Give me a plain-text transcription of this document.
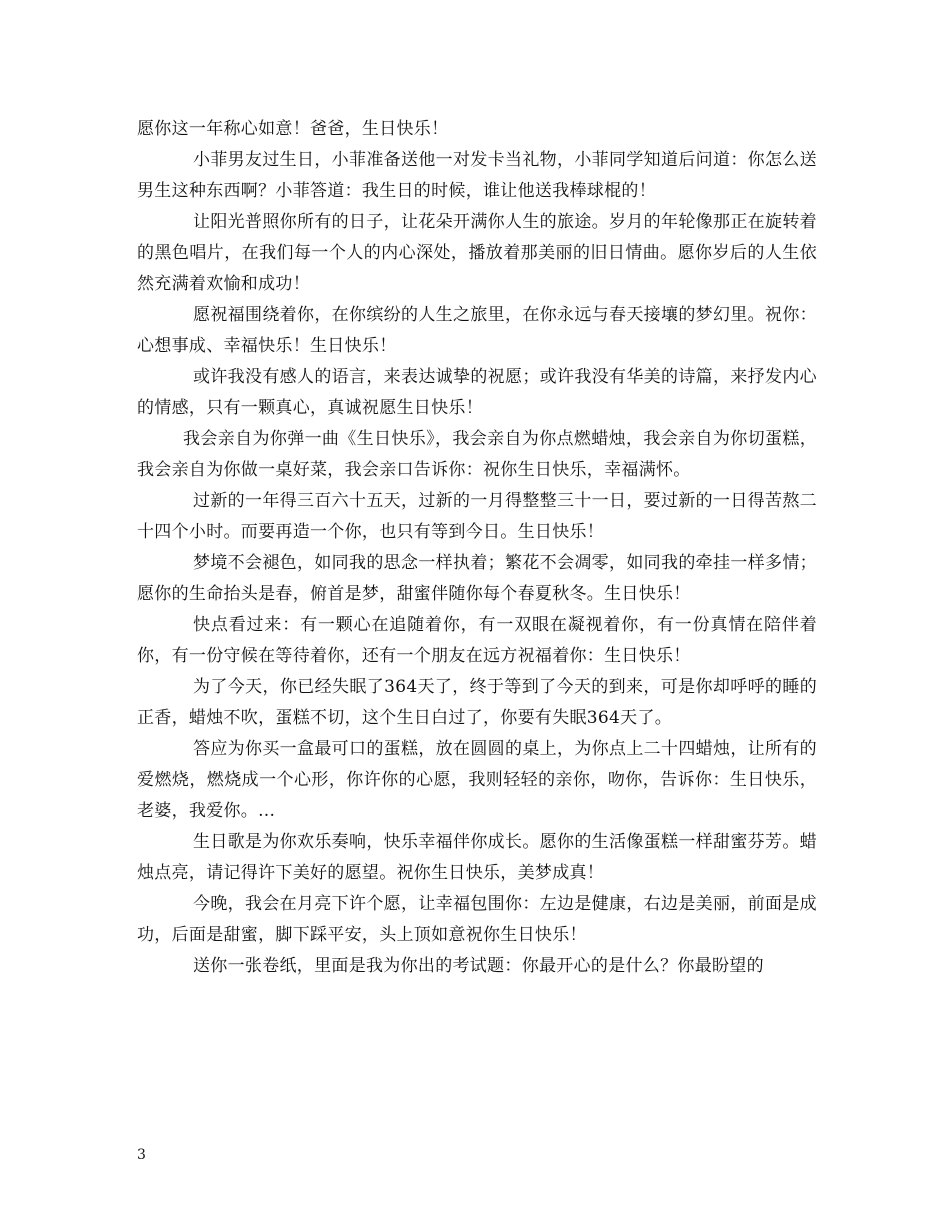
愿你这一年称心如意！爸爸，生日快乐！

小菲男友过生日，小菲准备送他一对发卡当礼物，小菲同学知道后问道：你怎么送男生这种东西啊？小菲答道：我生日的时候，谁让他送我棒球棍的！

让阳光普照你所有的日子，让花朵开满你人生的旅途。岁月的年轮像那正在旋转着的黑色唱片，在我们每一个人的内心深处，播放着那美丽的旧日情曲。愿你岁后的人生依然充满着欢愉和成功！

愿祝福围绕着你，在你缤纷的人生之旅里，在你永远与春天接壤的梦幻里。祝你：心想事成、幸福快乐！生日快乐！

或许我没有感人的语言，来表达诚挚的祝愿；或许我没有华美的诗篇，来抒发内心的情感，只有一颗真心，真诚祝愿生日快乐！

我会亲自为你弹一曲《生日快乐》，我会亲自为你点燃蜡烛，我会亲自为你切蛋糕，我会亲自为你做一桌好菜，我会亲口告诉你：祝你生日快乐，幸福满怀。

过新的一年得三百六十五天，过新的一月得整整三十一日，要过新的一日得苦熬二十四个小时。而要再造一个你，也只有等到今日。生日快乐！

梦境不会褪色，如同我的思念一样执着；繁花不会凋零，如同我的牵挂一样多情；愿你的生命抬头是春，俯首是梦，甜蜜伴随你每个春夏秋冬。生日快乐！

快点看过来：有一颗心在追随着你，有一双眼在凝视着你，有一份真情在陪伴着你，有一份守候在等待着你，还有一个朋友在远方祝福着你：生日快乐！

为了今天，你已经失眠了364天了，终于等到了今天的到来，可是你却呼呼的睡的正香，蜡烛不吹，蛋糕不切，这个生日白过了，你要有失眠364天了。

答应为你买一盒最可口的蛋糕，放在圆圆的桌上，为你点上二十四蜡烛，让所有的爱燃烧，燃烧成一个心形，你许你的心愿，我则轻轻的亲你，吻你，告诉你：生日快乐，老婆，我爱你。...

生日歌是为你欢乐奏响，快乐幸福伴你成长。愿你的生活像蛋糕一样甜蜜芬芳。蜡烛点亮，请记得许下美好的愿望。祝你生日快乐，美梦成真！

今晚，我会在月亮下许个愿，让幸福包围你：左边是健康，右边是美丽，前面是成功，后面是甜蜜，脚下踩平安，头上顶如意祝你生日快乐！

送你一张卷纸，里面是我为你出的考试题：你最开心的是什么？你最盼望的

3
